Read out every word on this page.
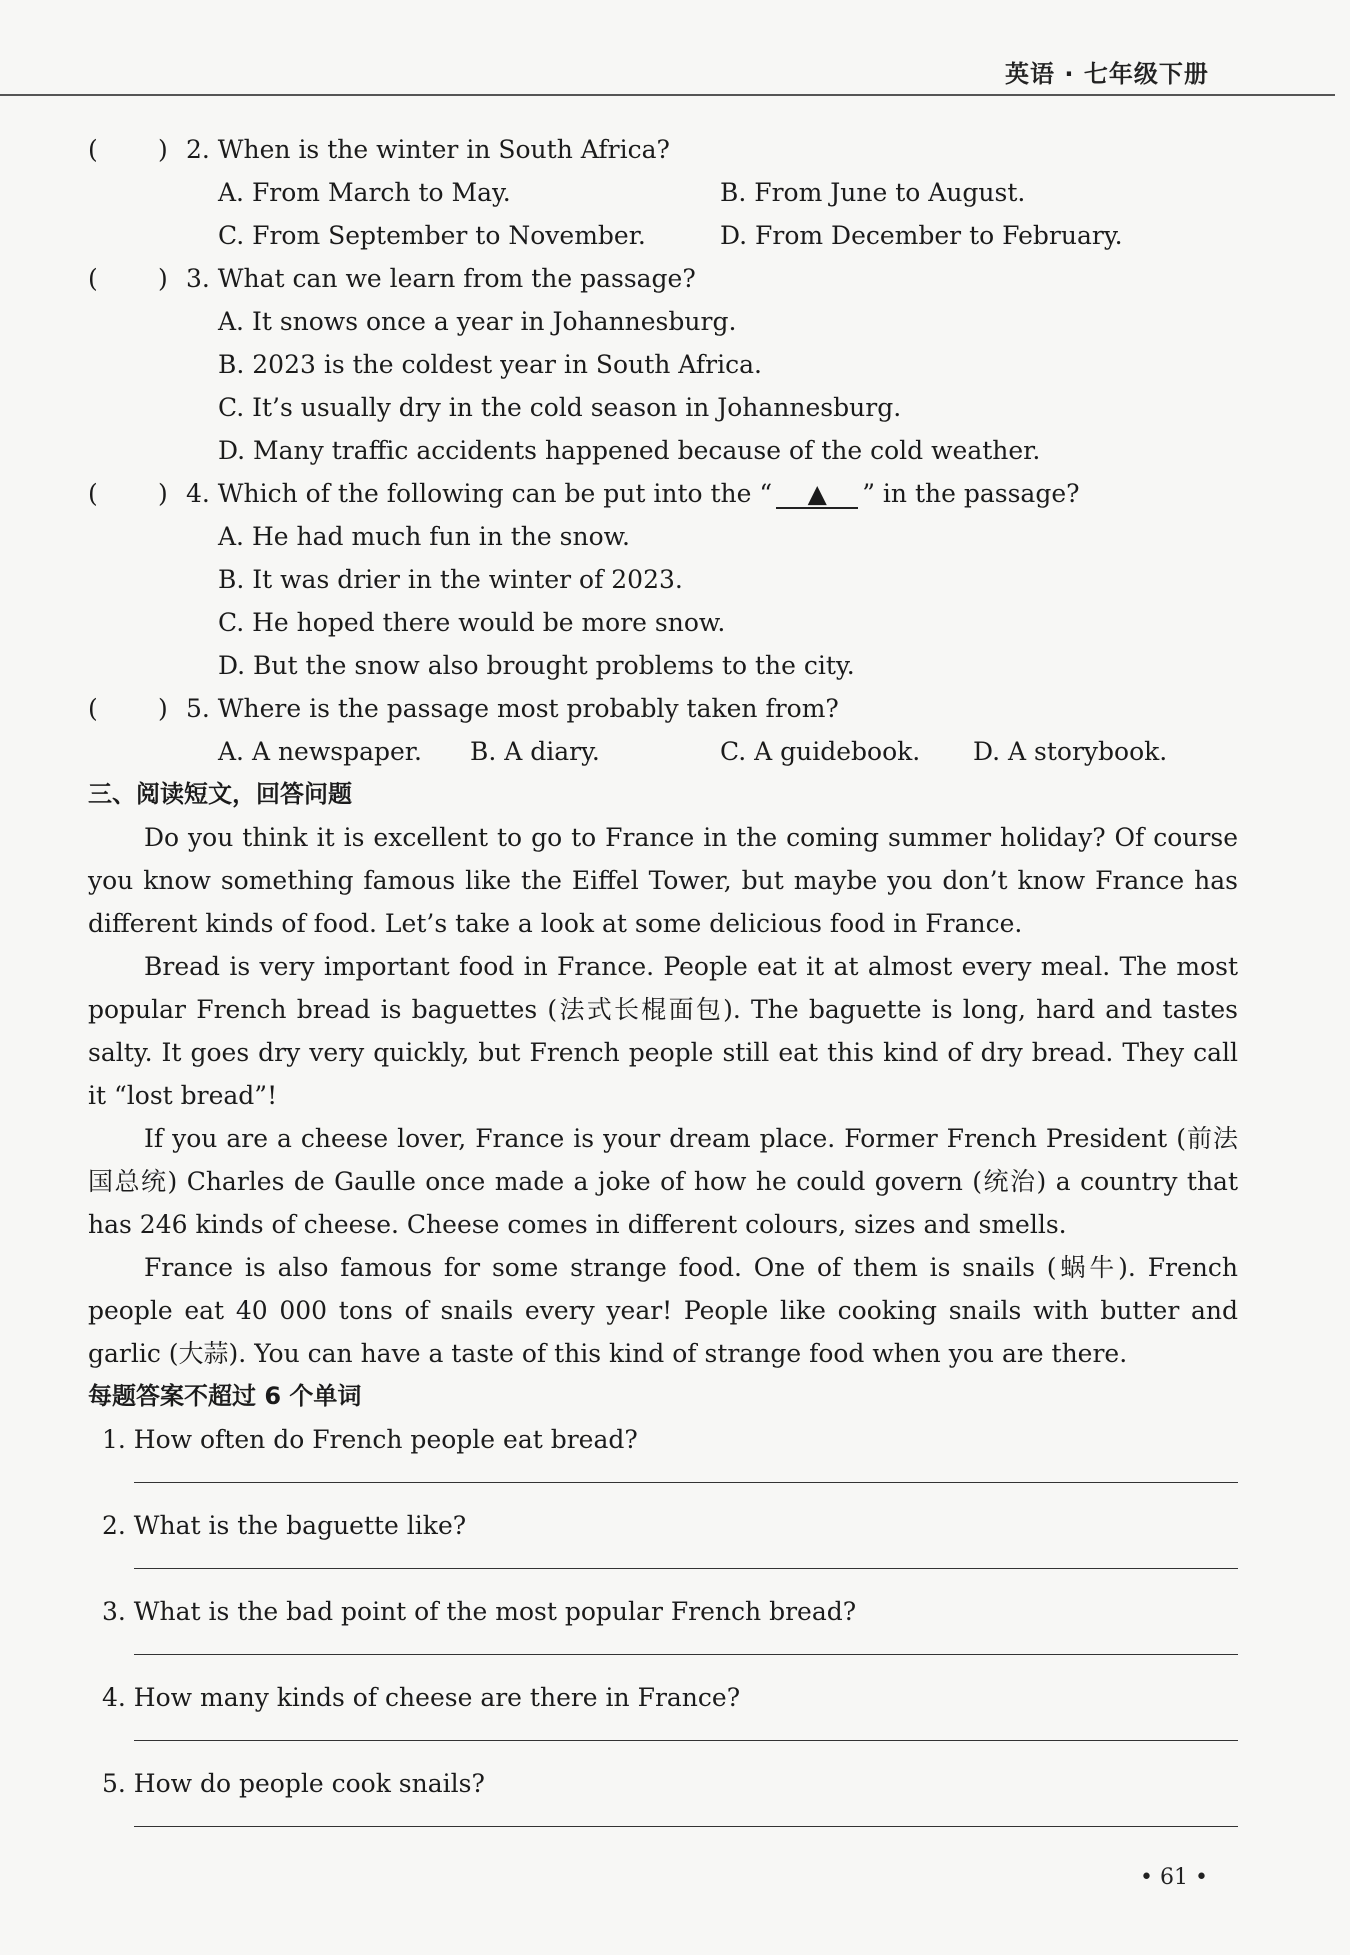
英语 · 七年级下册
( ) 2. When is the winter in South Africa?
A. From March to May.	B. From June to August.
C. From September to November.	D. From December to February.
( ) 3. What can we learn from the passage?
A. It snows once a year in Johannesburg.
B. 2023 is the coldest year in South Africa.
C. It’s usually dry in the cold season in Johannesburg.
D. Many traffic accidents happened because of the cold weather.
( ) 4. Which of the following can be put into the “ ▲ ” in the passage?
A. He had much fun in the snow.
B. It was drier in the winter of 2023.
C. He hoped there would be more snow.
D. But the snow also brought problems to the city.
( ) 5. Where is the passage most probably taken from?
A. A newspaper. B. A diary.	C. A guidebook. D. A storybook.
三、阅读短文，回答问题

Do you think it is excellent to go to France in the coming summer holiday? Of course you know something famous like the Eiffel Tower, but maybe you don’t know France has different kinds of food. Let’s take a look at some delicious food in France.

Bread is very important food in France. People eat it at almost every meal. The most popular French bread is baguettes (法式长棍面包). The baguette is long, hard and tastes salty. It goes dry very quickly, but French people still eat this kind of dry bread. They call it “lost bread”!

If you are a cheese lover, France is your dream place. Former French President (前法国总统) Charles de Gaulle once made a joke of how he could govern (统治) a country that has 246 kinds of cheese. Cheese comes in different colours, sizes and smells.

France is also famous for some strange food. One of them is snails (蜗牛). French people eat 40 000 tons of snails every year! People like cooking snails with butter and garlic (大蒜). You can have a taste of this kind of strange food when you are there.

每题答案不超过 6 个单词
1. How often do French people eat bread?
2. What is the baguette like?
3. What is the bad point of the most popular French bread?
4. How many kinds of cheese are there in France?
5. How do people cook snails?
• 61 •
